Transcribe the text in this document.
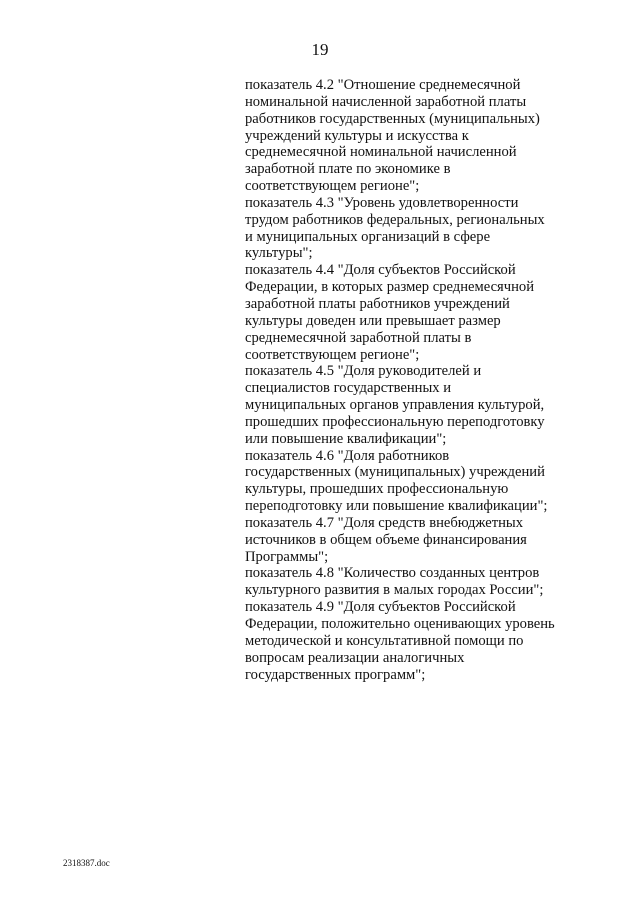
19
показатель 4.2 "Отношение среднемесячной
номинальной начисленной заработной платы
работников государственных (муниципальных)
учреждений культуры и искусства к
среднемесячной номинальной начисленной
заработной плате по экономике в
соответствующем регионе";
показатель 4.3 "Уровень удовлетворенности
трудом работников федеральных, региональных
и муниципальных организаций в сфере
культуры";
показатель 4.4 "Доля субъектов Российской
Федерации, в которых размер среднемесячной
заработной платы работников учреждений
культуры доведен или превышает размер
среднемесячной заработной платы в
соответствующем регионе";
показатель 4.5 "Доля руководителей и
специалистов государственных и
муниципальных органов управления культурой,
прошедших профессиональную переподготовку
или повышение квалификации";
показатель 4.6 "Доля работников
государственных (муниципальных) учреждений
культуры, прошедших профессиональную
переподготовку или повышение квалификации";
показатель 4.7 "Доля средств внебюджетных
источников в общем объеме финансирования
Программы";
показатель 4.8 "Количество созданных центров
культурного развития в малых городах России";
показатель 4.9 "Доля субъектов Российской
Федерации, положительно оценивающих уровень
методической и консультативной помощи по
вопросам реализации аналогичных
государственных программ";
2318387.doc
